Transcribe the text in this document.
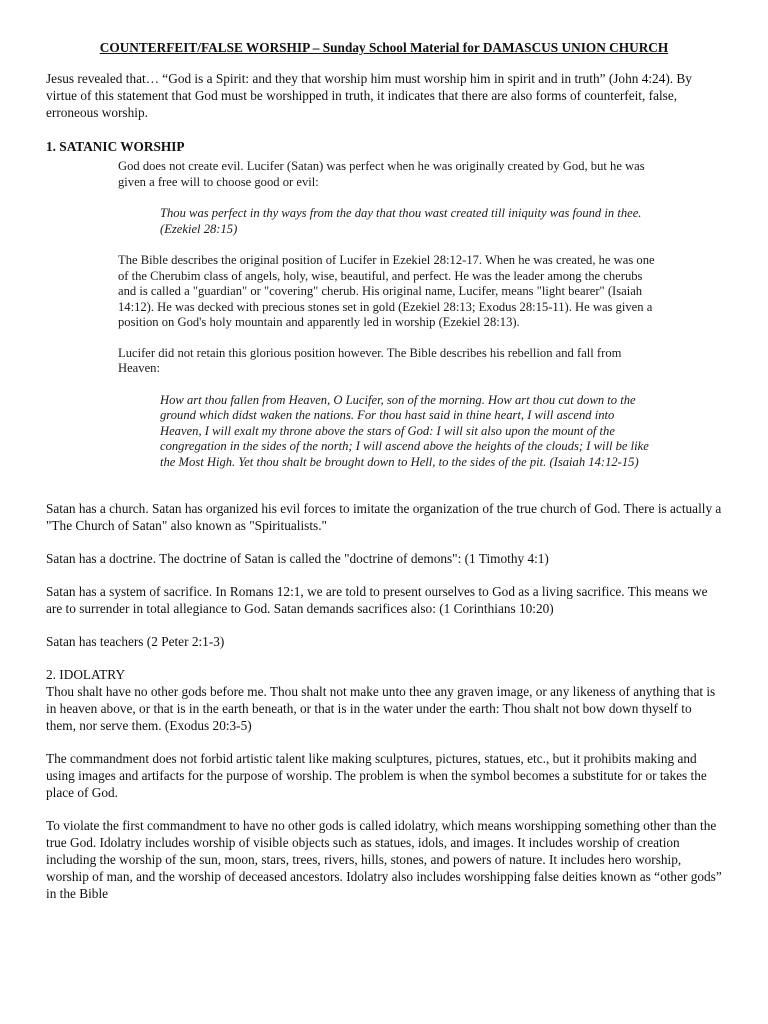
COUNTERFEIT/FALSE WORSHIP – Sunday School Material for DAMASCUS UNION CHURCH

Jesus revealed that… “God is a Spirit: and they that worship him must worship him in spirit and in truth” (John 4:24). By virtue of this statement that God must be worshipped in truth, it indicates that there are also forms of counterfeit, false, erroneous worship.

1. SATANIC WORSHIP

God does not create evil. Lucifer (Satan) was perfect when he was originally created by God, but he was given a free will to choose good or evil:

Thou was perfect in thy ways from the day that thou wast created till iniquity was found in thee. (Ezekiel 28:15)

The Bible describes the original position of Lucifer in Ezekiel 28:12-17. When he was created, he was one of the Cherubim class of angels, holy, wise, beautiful, and perfect. He was the leader among the cherubs and is called a "guardian" or "covering" cherub. His original name, Lucifer, means "light bearer" (Isaiah 14:12). He was decked with precious stones set in gold (Ezekiel 28:13; Exodus 28:15-11). He was given a position on God's holy mountain and apparently led in worship (Ezekiel 28:13).

Lucifer did not retain this glorious position however. The Bible describes his rebellion and fall from Heaven:

How art thou fallen from Heaven, O Lucifer, son of the morning. How art thou cut down to the ground which didst waken the nations. For thou hast said in thine heart, I will ascend into Heaven, I will exalt my throne above the stars of God: I will sit also upon the mount of the congregation in the sides of the north; I will ascend above the heights of the clouds; I will be like the Most High. Yet thou shalt be brought down to Hell, to the sides of the pit. (Isaiah 14:12-15)

Satan has a church. Satan has organized his evil forces to imitate the organization of the true church of God. There is actually a "The Church of Satan" also known as "Spiritualists."

Satan has a doctrine. The doctrine of Satan is called the "doctrine of demons": (1 Timothy 4:1)

Satan has a system of sacrifice. In Romans 12:1, we are told to present ourselves to God as a living sacrifice. This means we are to surrender in total allegiance to God. Satan demands sacrifices also: (1 Corinthians 10:20)

Satan has teachers (2 Peter 2:1-3)

2. IDOLATRY

Thou shalt have no other gods before me. Thou shalt not make unto thee any graven image, or any likeness of anything that is in heaven above, or that is in the earth beneath, or that is in the water under the earth: Thou shalt not bow down thyself to them, nor serve them. (Exodus 20:3-5)

The commandment does not forbid artistic talent like making sculptures, pictures, statues, etc., but it prohibits making and using images and artifacts for the purpose of worship. The problem is when the symbol becomes a substitute for or takes the place of God.

To violate the first commandment to have no other gods is called idolatry, which means worshipping something other than the true God. Idolatry includes worship of visible objects such as statues, idols, and images. It includes worship of creation including the worship of the sun, moon, stars, trees, rivers, hills, stones, and powers of nature. It includes hero worship, worship of man, and the worship of deceased ancestors. Idolatry also includes worshipping false deities known as “other gods” in the Bible
